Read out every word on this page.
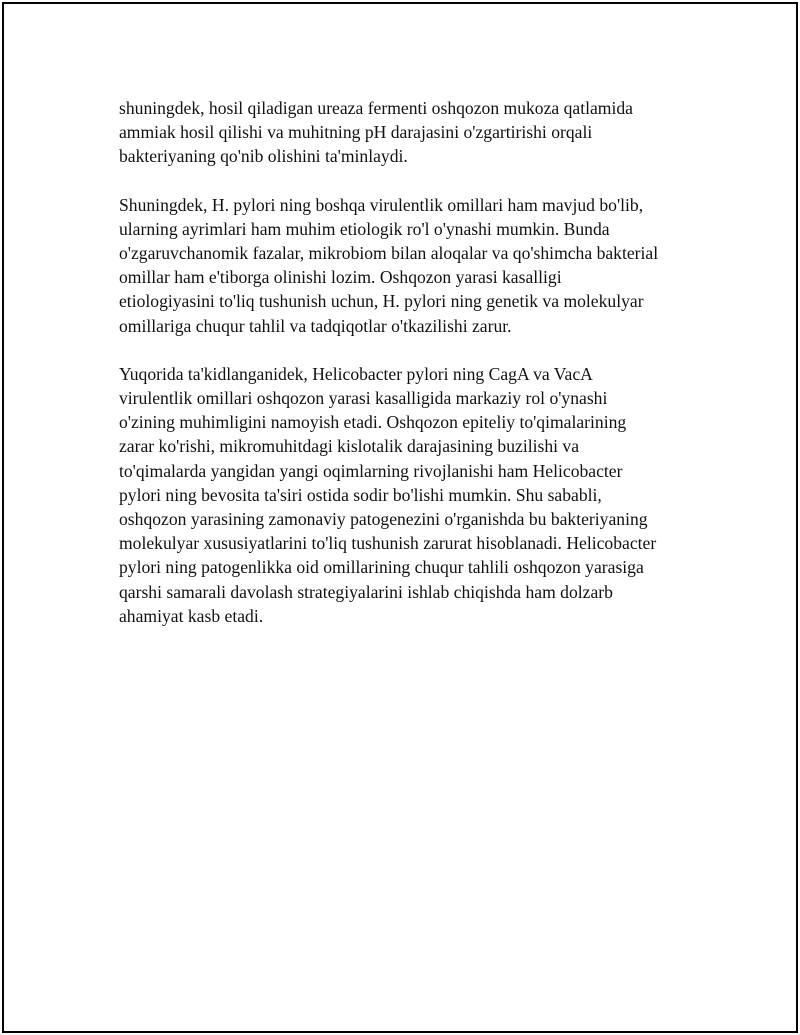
shuningdek, hosil qiladigan ureaza fermenti oshqozon mukoza qatlamida
ammiak hosil qilishi va muhitning pH darajasini o'zgartirishi orqali
bakteriyaning qo'nib olishini ta'minlaydi.

Shuningdek, H. pylori ning boshqa virulentlik omillari ham mavjud bo'lib,
ularning ayrimlari ham muhim etiologik ro'l o'ynashi mumkin. Bunda
o'zgaruvchanomik fazalar, mikrobiom bilan aloqalar va qo'shimcha bakterial
omillar ham e'tiborga olinishi lozim. Oshqozon yarasi kasalligi
etiologiyasini to'liq tushunish uchun, H. pylori ning genetik va molekulyar
omillariga chuqur tahlil va tadqiqotlar o'tkazilishi zarur.

Yuqorida ta'kidlanganidek, Helicobacter pylori ning CagA va VacA
virulentlik omillari oshqozon yarasi kasalligida markaziy rol o'ynashi
o'zining muhimligini namoyish etadi. Oshqozon epiteliy to'qimalarining
zarar ko'rishi, mikromuhitdagi kislotalik darajasining buzilishi va
to'qimalarda yangidan yangi oqimlarning rivojlanishi ham Helicobacter
pylori ning bevosita ta'siri ostida sodir bo'lishi mumkin. Shu sababli,
oshqozon yarasining zamonaviy patogenezini o'rganishda bu bakteriyaning
molekulyar xususiyatlarini to'liq tushunish zarurat hisoblanadi. Helicobacter
pylori ning patogenlikka oid omillarining chuqur tahlili oshqozon yarasiga
qarshi samarali davolash strategiyalarini ishlab chiqishda ham dolzarb
ahamiyat kasb etadi.
